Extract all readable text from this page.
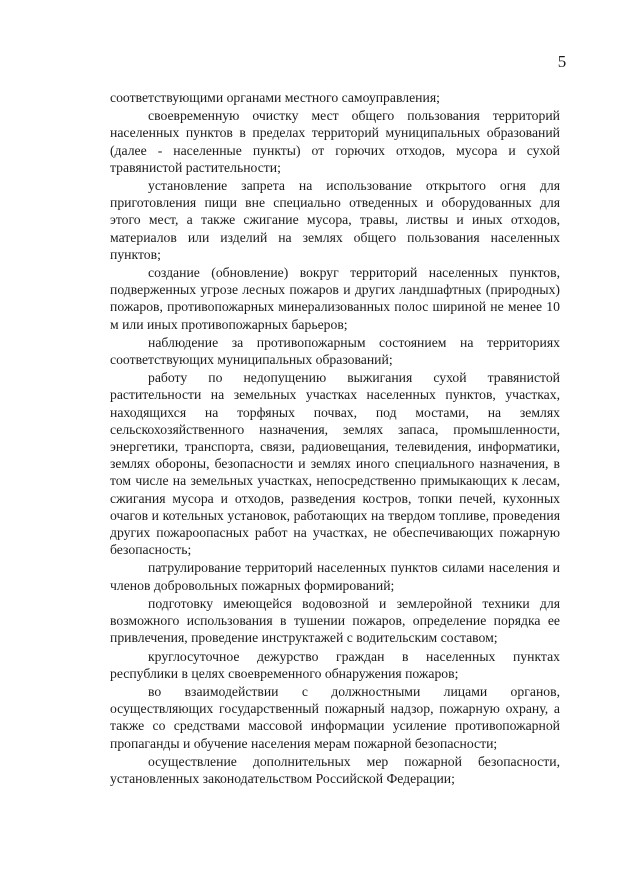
5

соответствующими органами местного самоуправления;

своевременную очистку мест общего пользования территорий населенных пунктов в пределах территорий муниципальных образований (далее - населенные пункты) от горючих отходов, мусора и сухой травянистой растительности;

установление запрета на использование открытого огня для приготовления пищи вне специально отведенных и оборудованных для этого мест, а также сжигание мусора, травы, листвы и иных отходов, материалов или изделий на землях общего пользования населенных пунктов;

создание (обновление) вокруг территорий населенных пунктов, подверженных угрозе лесных пожаров и других ландшафтных (природных) пожаров, противопожарных минерализованных полос шириной не менее 10 м или иных противопожарных барьеров;

наблюдение за противопожарным состоянием на территориях соответствующих муниципальных образований;

работу по недопущению выжигания сухой травянистой растительности на земельных участках населенных пунктов, участках, находящихся на торфяных почвах, под мостами, на землях сельскохозяйственного назначения, землях запаса, промышленности, энергетики, транспорта, связи, радиовещания, телевидения, информатики, землях обороны, безопасности и землях иного специального назначения, в том числе на земельных участках, непосредственно примыкающих к лесам, сжигания мусора и отходов, разведения костров, топки печей, кухонных очагов и котельных установок, работающих на твердом топливе, проведения других пожароопасных работ на участках, не обеспечивающих пожарную безопасность;

патрулирование территорий населенных пунктов силами населения и членов добровольных пожарных формирований;

подготовку имеющейся водовозной и землеройной техники для возможного использования в тушении пожаров, определение порядка ее привлечения, проведение инструктажей с водительским составом;

круглосуточное дежурство граждан в населенных пунктах республики в целях своевременного обнаружения пожаров;

во взаимодействии с должностными лицами органов, осуществляющих государственный пожарный надзор, пожарную охрану, а также со средствами массовой информации усиление противопожарной пропаганды и обучение населения мерам пожарной безопасности;

осуществление дополнительных мер пожарной безопасности, установленных законодательством Российской Федерации;
